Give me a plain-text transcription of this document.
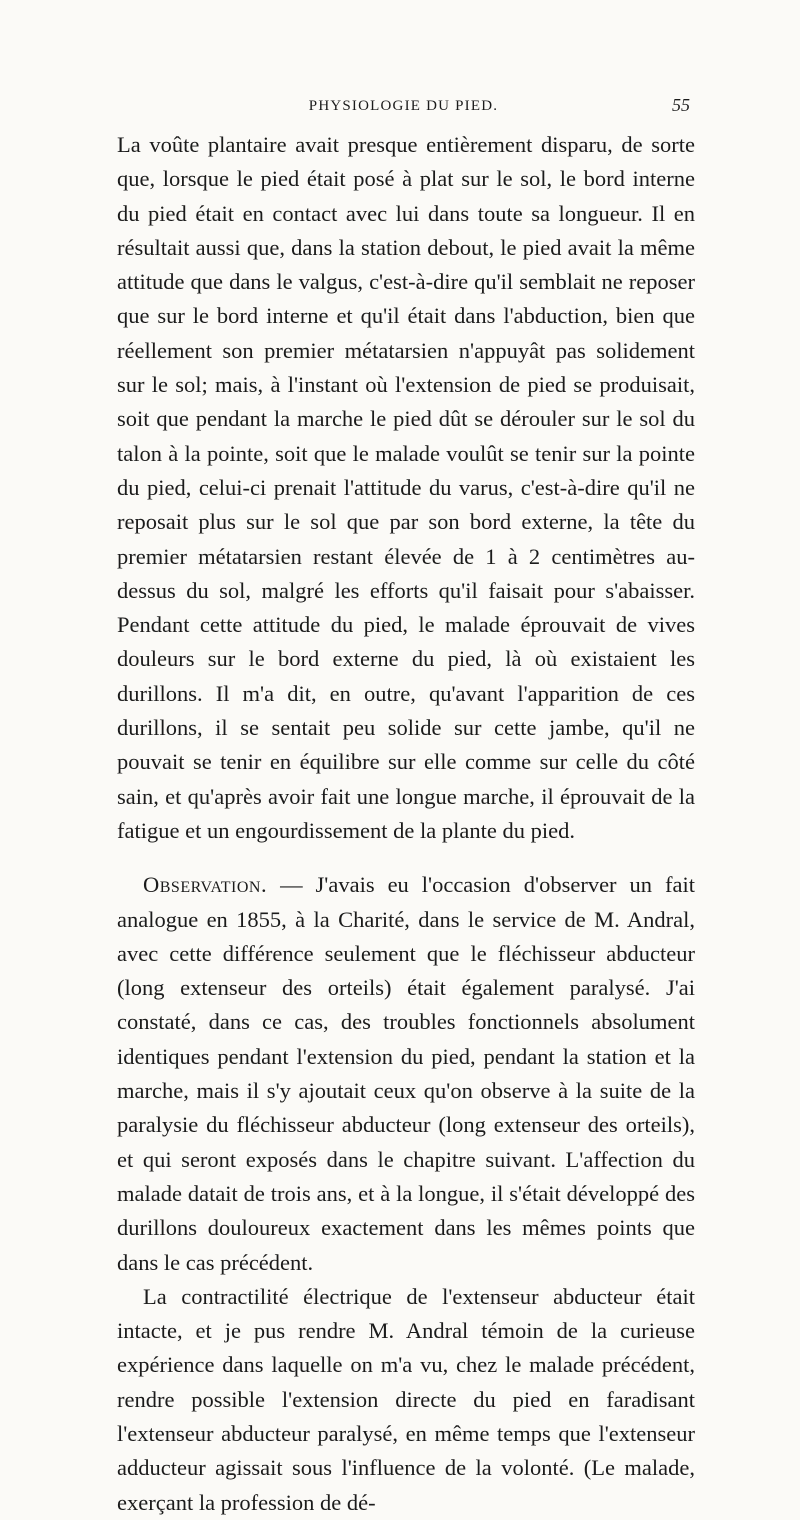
PHYSIOLOGIE DU PIED.	55

La voûte plantaire avait presque entièrement disparu, de sorte que, lorsque le pied était posé à plat sur le sol, le bord interne du pied était en contact avec lui dans toute sa longueur. Il en résultait aussi que, dans la station debout, le pied avait la même attitude que dans le valgus, c'est-à-dire qu'il semblait ne reposer que sur le bord interne et qu'il était dans l'abduction, bien que réellement son premier métatarsien n'appuyât pas solidement sur le sol; mais, à l'instant où l'extension de pied se produisait, soit que pendant la marche le pied dût se dérouler sur le sol du talon à la pointe, soit que le malade voulût se tenir sur la pointe du pied, celui-ci prenait l'attitude du varus, c'est-à-dire qu'il ne reposait plus sur le sol que par son bord externe, la tête du premier métatarsien restant élevée de 1 à 2 centimètres au-dessus du sol, malgré les efforts qu'il faisait pour s'abaisser. Pendant cette attitude du pied, le malade éprouvait de vives douleurs sur le bord externe du pied, là où existaient les durillons. Il m'a dit, en outre, qu'avant l'apparition de ces durillons, il se sentait peu solide sur cette jambe, qu'il ne pouvait se tenir en équilibre sur elle comme sur celle du côté sain, et qu'après avoir fait une longue marche, il éprouvait de la fatigue et un engourdissement de la plante du pied.

Observation. — J'avais eu l'occasion d'observer un fait analogue en 1855, à la Charité, dans le service de M. Andral, avec cette différence seulement que le fléchisseur abducteur (long extenseur des orteils) était également paralysé. J'ai constaté, dans ce cas, des troubles fonctionnels absolument identiques pendant l'extension du pied, pendant la station et la marche, mais il s'y ajoutait ceux qu'on observe à la suite de la paralysie du fléchisseur abducteur (long extenseur des orteils), et qui seront exposés dans le chapitre suivant. L'affection du malade datait de trois ans, et à la longue, il s'était développé des durillons douloureux exactement dans les mêmes points que dans le cas précédent.

La contractilité électrique de l'extenseur abducteur était intacte, et je pus rendre M. Andral témoin de la curieuse expérience dans laquelle on m'a vu, chez le malade précédent, rendre possible l'extension directe du pied en faradisant l'extenseur abducteur paralysé, en même temps que l'extenseur adducteur agissait sous l'influence de la volonté. (Le malade, exerçant la profession de dé-
